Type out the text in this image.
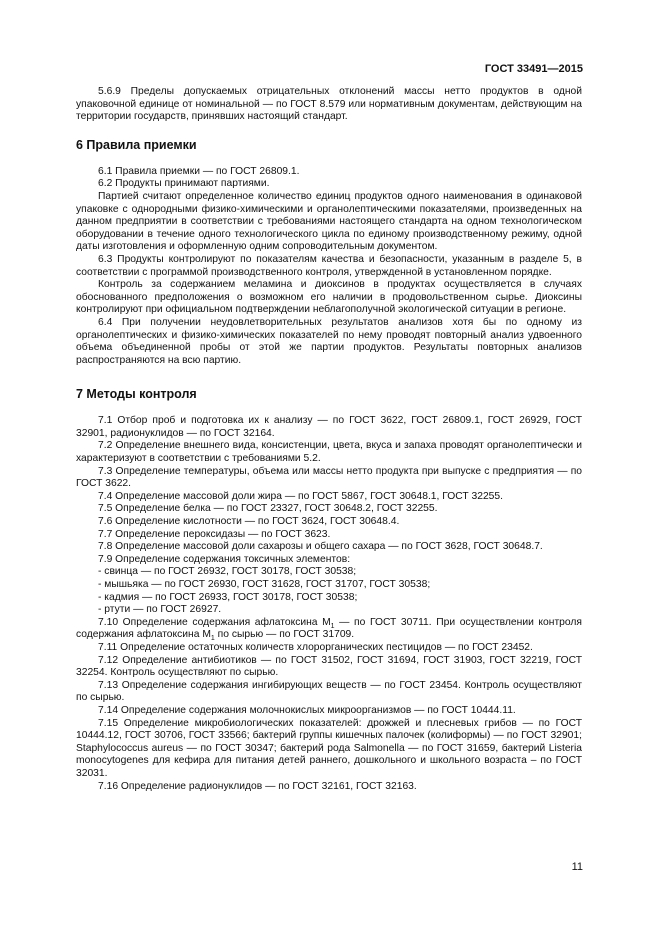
ГОСТ 33491—2015

5.6.9 Пределы допускаемых отрицательных отклонений массы нетто продуктов в одной упаковочной единице от номинальной — по ГОСТ 8.579 или нормативным документам, действующим на территории государств, принявших настоящий стандарт.

6 Правила приемки

6.1 Правила приемки — по ГОСТ 26809.1.

6.2 Продукты принимают партиями.

Партией считают определенное количество единиц продуктов одного наименования в одинаковой упаковке с однородными физико-химическими и органолептическими показателями, произведенных на данном предприятии в соответствии с требованиями настоящего стандарта на одном технологическом оборудовании в течение одного технологического цикла по единому производственному режиму, одной даты изготовления и оформленную одним сопроводительным документом.

6.3 Продукты контролируют по показателям качества и безопасности, указанным в разделе 5, в соответствии с программой производственного контроля, утвержденной в установленном порядке.

Контроль за содержанием меламина и диоксинов в продуктах осуществляется в случаях обоснованного предположения о возможном его наличии в продовольственном сырье. Диоксины контролируют при официальном подтверждении неблагополучной экологической ситуации в регионе.

6.4 При получении неудовлетворительных результатов анализов хотя бы по одному из органолептических и физико-химических показателей по нему проводят повторный анализ удвоенного объема объединенной пробы от этой же партии продуктов. Результаты повторных анализов распространяются на всю партию.

7 Методы контроля

7.1 Отбор проб и подготовка их к анализу — по ГОСТ 3622, ГОСТ 26809.1, ГОСТ 26929, ГОСТ 32901, радионуклидов — по ГОСТ 32164.

7.2 Определение внешнего вида, консистенции, цвета, вкуса и запаха проводят органолептически и характеризуют в соответствии с требованиями 5.2.

7.3 Определение температуры, объема или массы нетто продукта при выпуске с предприятия — по ГОСТ 3622.

7.4 Определение массовой доли жира — по ГОСТ 5867, ГОСТ 30648.1, ГОСТ 32255.

7.5 Определение белка — по ГОСТ 23327, ГОСТ 30648.2, ГОСТ 32255.

7.6 Определение кислотности — по ГОСТ 3624, ГОСТ 30648.4.

7.7 Определение пероксидазы — по ГОСТ 3623.

7.8 Определение массовой доли сахарозы и общего сахара — по ГОСТ 3628, ГОСТ 30648.7.

7.9 Определение содержания токсичных элементов:

- свинца — по ГОСТ 26932, ГОСТ 30178, ГОСТ 30538;

- мышьяка — по ГОСТ 26930, ГОСТ 31628, ГОСТ 31707, ГОСТ 30538;

- кадмия — по ГОСТ 26933, ГОСТ 30178, ГОСТ 30538;

- ртути — по ГОСТ 26927.

7.10 Определение содержания афлатоксина $М_1$ — по ГОСТ 30711. При осуществлении контроля содержания афлатоксина $М_1$ по сырью — по ГОСТ 31709.

7.11 Определение остаточных количеств хлорорганических пестицидов — по ГОСТ 23452.

7.12 Определение антибиотиков — по ГОСТ 31502, ГОСТ 31694, ГОСТ 31903, ГОСТ 32219, ГОСТ 32254. Контроль осуществляют по сырью.

7.13 Определение содержания ингибирующих веществ — по ГОСТ 23454. Контроль осуществляют по сырью.

7.14 Определение содержания молочнокислых микроорганизмов — по ГОСТ 10444.11.

7.15 Определение микробиологических показателей: дрожжей и плесневых грибов — по ГОСТ 10444.12, ГОСТ 30706, ГОСТ 33566; бактерий группы кишечных палочек (колиформы) — по ГОСТ 32901; Staphylococcus aureus — по ГОСТ 30347; бактерий рода Salmonella — по ГОСТ 31659, бактерий Listeria monocytogenes для кефира для питания детей раннего, дошкольного и школьного возраста – по ГОСТ 32031.

7.16 Определение радионуклидов — по ГОСТ 32161, ГОСТ 32163.

11
